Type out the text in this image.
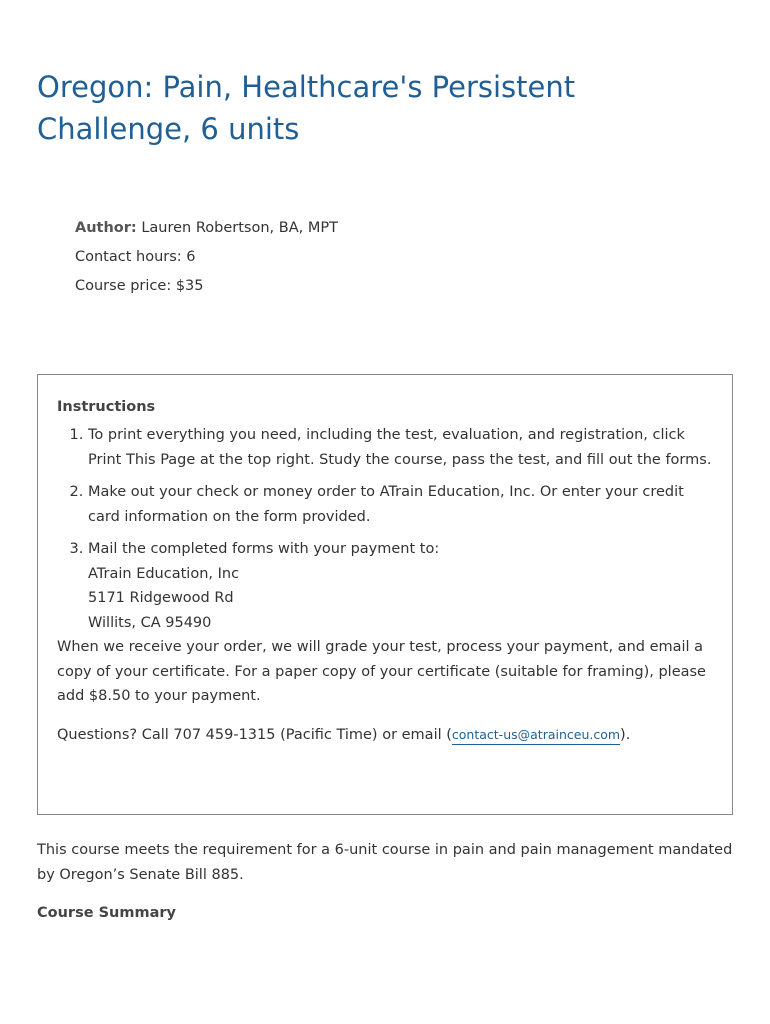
Oregon: Pain, Healthcare's Persistent Challenge, 6 units
Author: Lauren Robertson, BA, MPT
Contact hours: 6
Course price: $35
Instructions
1. To print everything you need, including the test, evaluation, and registration, click Print This Page at the top right. Study the course, pass the test, and fill out the forms.
2. Make out your check or money order to ATrain Education, Inc. Or enter your credit card information on the form provided.
3. Mail the completed forms with your payment to:
ATrain Education, Inc
5171 Ridgewood Rd
Willits, CA 95490

When we receive your order, we will grade your test, process your payment, and email a copy of your certificate. For a paper copy of your certificate (suitable for framing), please add $8.50 to your payment.

Questions? Call 707 459-1315 (Pacific Time) or email (contact-us@atrainceu.com).

This course meets the requirement for a 6-unit course in pain and pain management mandated by Oregon’s Senate Bill 885.

Course Summary
